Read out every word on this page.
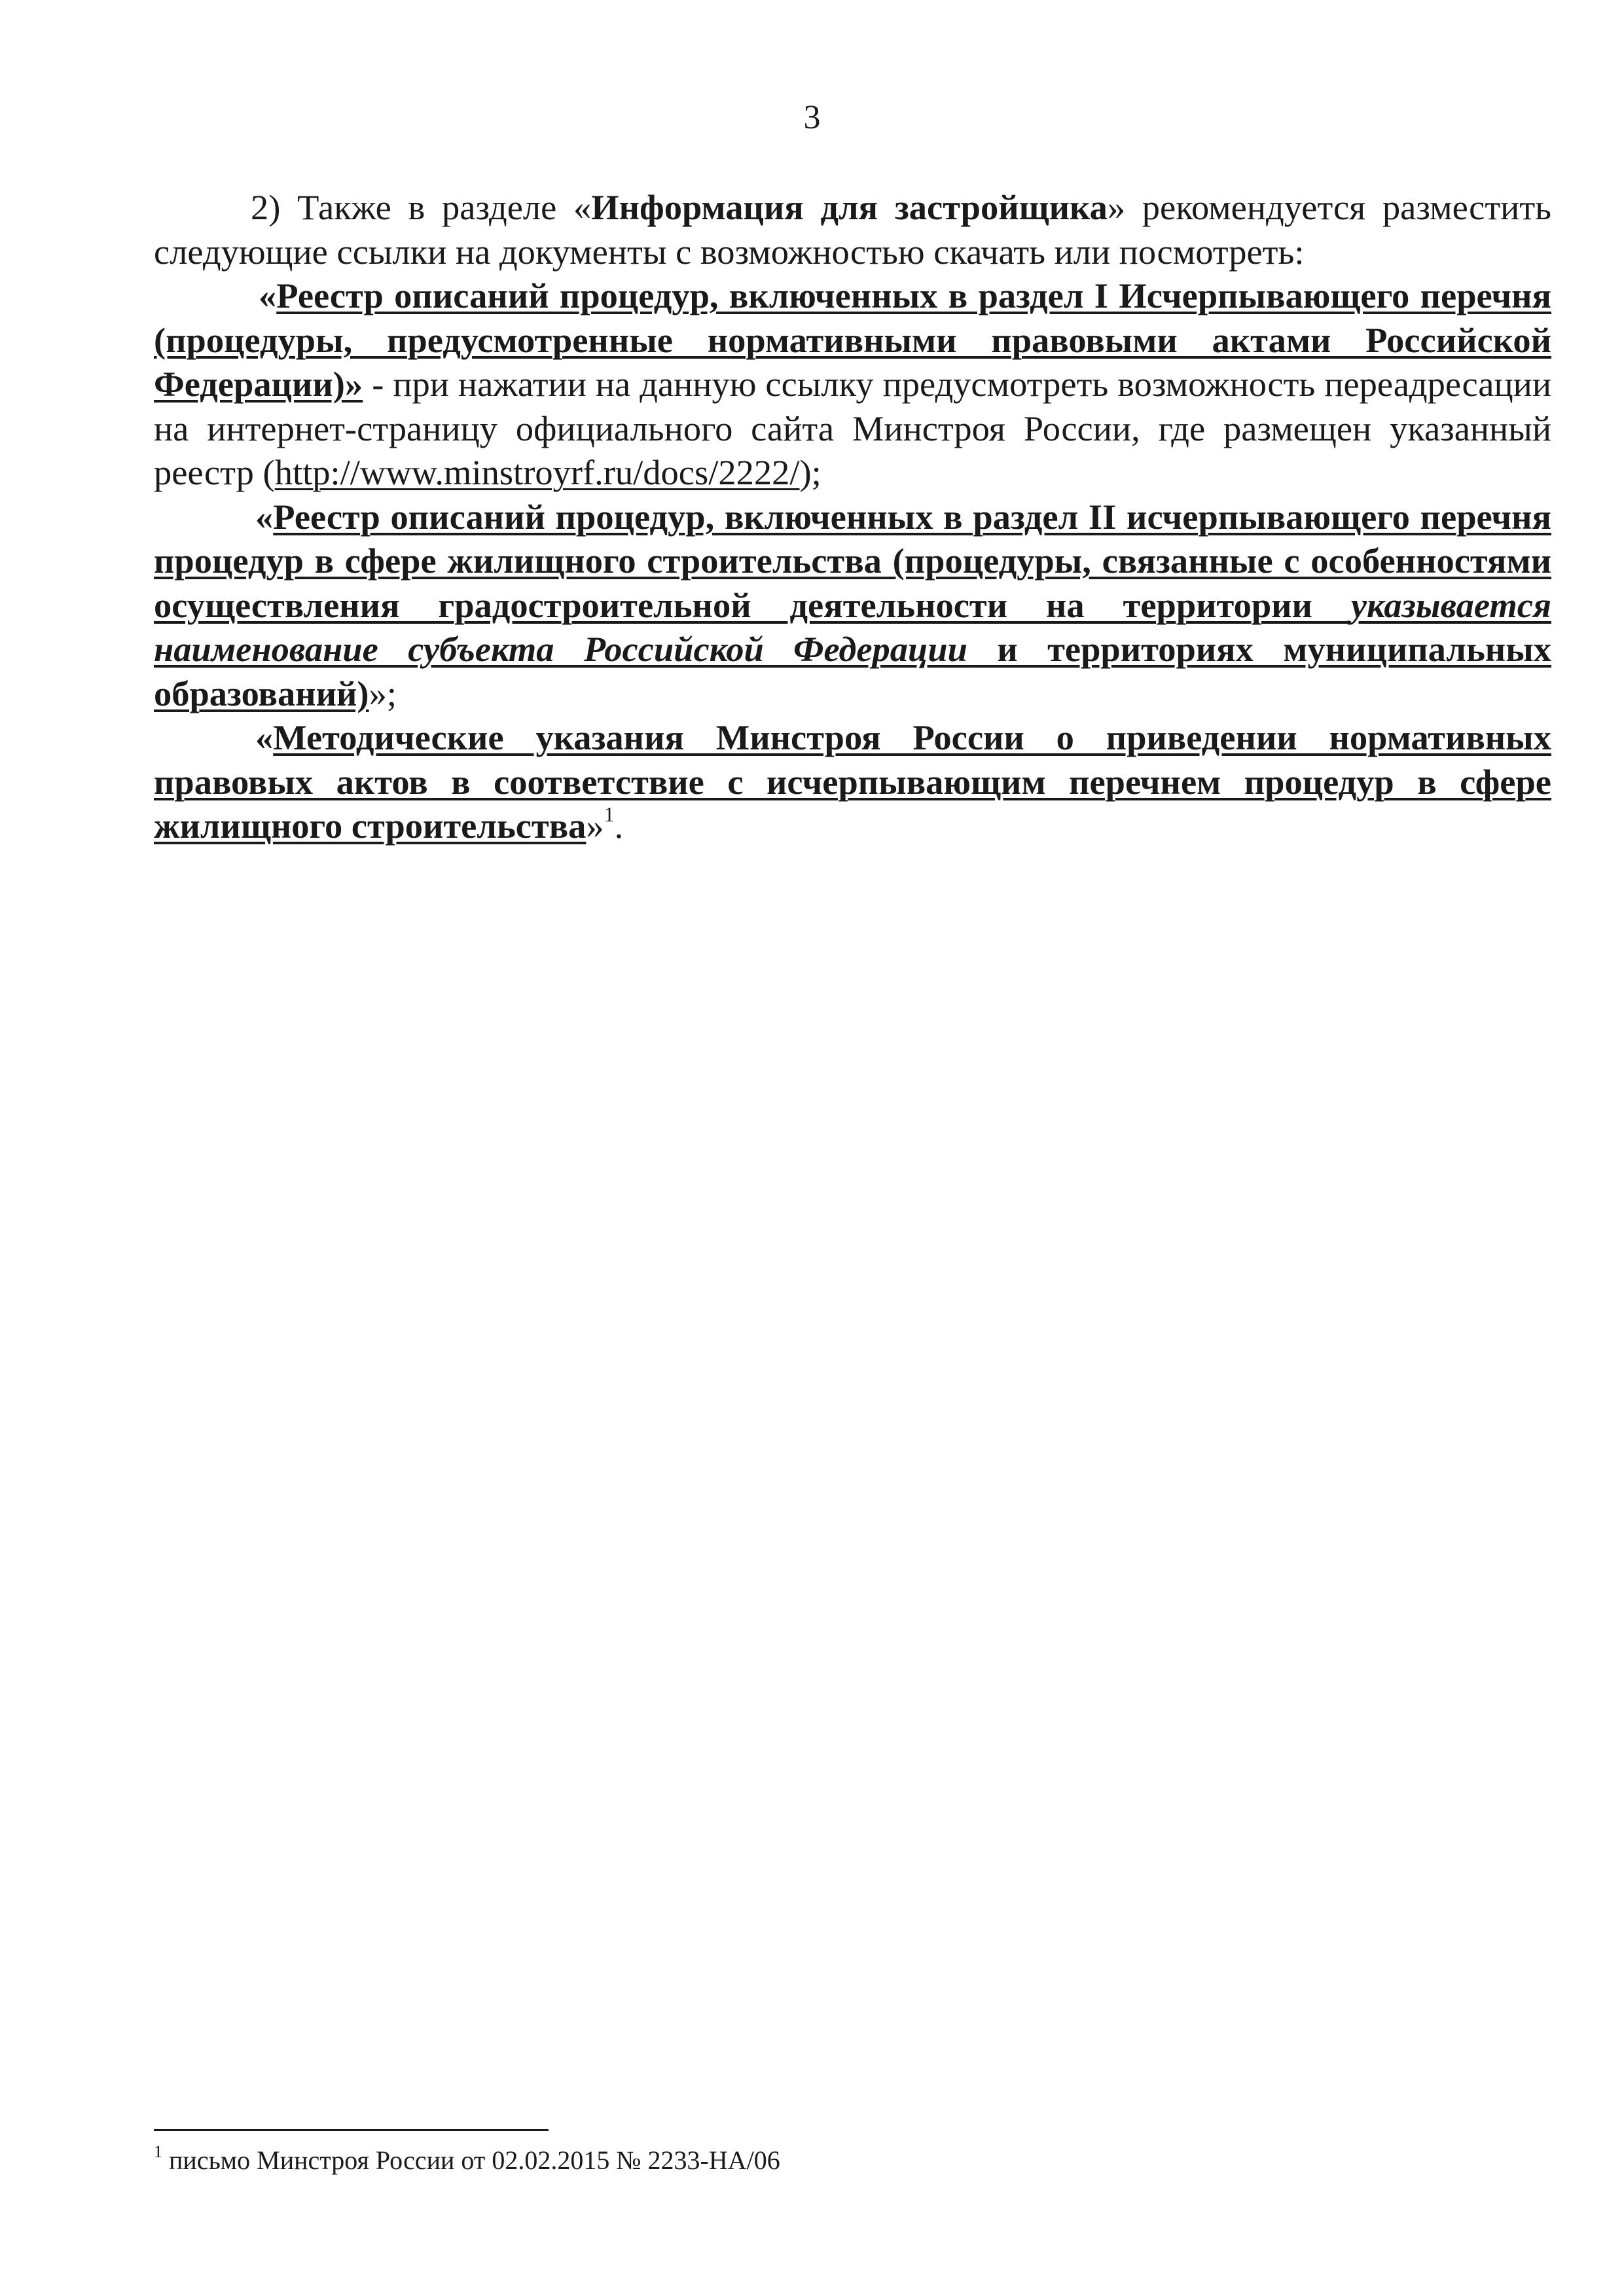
3

2) Также в разделе «Информация для застройщика» рекомендуется разместить следующие ссылки на документы с возможностью скачать или посмотреть:

«Реестр описаний процедур, включенных в раздел I Исчерпывающего перечня (процедуры, предусмотренные нормативными правовыми актами Российской Федерации)» - при нажатии на данную ссылку предусмотреть возможность переадресации на интернет-страницу официального сайта Минстроя России, где размещен указанный реестр (http://www.minstroyrf.ru/docs/2222/);

«Реестр описаний процедур, включенных в раздел II исчерпывающего перечня процедур в сфере жилищного строительства (процедуры, связанные с особенностями осуществления градостроительной деятельности на территории указывается наименование субъекта Российской Федерации и территориях муниципальных образований)»;

«Методические указания Минстроя России о приведении нормативных правовых актов в соответствие с исчерпывающим перечнем процедур в сфере жилищного строительства»$^1$.

$^1$ письмо Минстроя России от 02.02.2015 № 2233-НА/06
